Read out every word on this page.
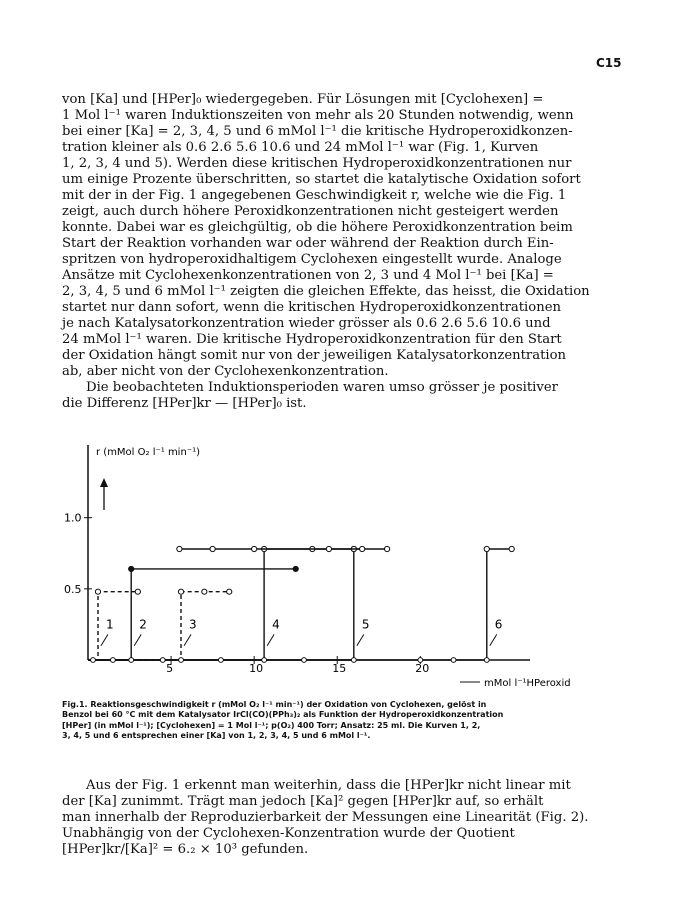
C15
von [Ka] und [HPer]₀ wiedergegeben. Für Lösungen mit [Cyclohexen] =
1 Mol l⁻¹ waren Induktionszeiten von mehr als 20 Stunden notwendig, wenn
bei einer [Ka] = 2, 3, 4, 5 und 6 mMol l⁻¹ die kritische Hydroperoxidkonzen-
tration kleiner als 0.6 2.6 5.6 10.6 und 24 mMol l⁻¹ war (Fig. 1, Kurven
1, 2, 3, 4 und 5). Werden diese kritischen Hydroperoxidkonzentrationen nur
um einige Prozente überschritten, so startet die katalytische Oxidation sofort
mit der in der Fig. 1 angegebenen Geschwindigkeit r, welche wie die Fig. 1
zeigt, auch durch höhere Peroxidkonzentrationen nicht gesteigert werden
konnte. Dabei war es gleichgültig, ob die höhere Peroxidkonzentration beim
Start der Reaktion vorhanden war oder während der Reaktion durch Ein-
spritzen von hydroperoxidhaltigem Cyclohexen eingestellt wurde. Analoge
Ansätze mit Cyclohexenkonzentrationen von 2, 3 und 4 Mol l⁻¹ bei [Ka] =
2, 3, 4, 5 und 6 mMol l⁻¹ zeigten die gleichen Effekte, das heisst, die Oxidation
startet nur dann sofort, wenn die kritischen Hydroperoxidkonzentrationen
je nach Katalysatorkonzentration wieder grösser als 0.6 2.6 5.6 10.6 und
24 mMol l⁻¹ waren. Die kritische Hydroperoxidkonzentration für den Start
der Oxidation hängt somit nur von der jeweiligen Katalysatorkonzentration
ab, aber nicht von der Cyclohexenkonzentration.
Die beobachteten Induktionsperioden waren umso grösser je positiver
die Differenz [HPer]kr — [HPer]₀ ist.
r (mMol O₂ l⁻¹ min⁻¹)
0.5
1.0
5	10	15	20
mMol l⁻¹HPeroxid
1 2	3	4	5	6
Fig.1. Reaktionsgeschwindigkeit r (mMol O₂ l⁻¹ min⁻¹) der Oxidation von Cyclohexen, gelöst in
Benzol bei 60 °C mit dem Katalysator IrCl(CO)(PPh₃)₂ als Funktion der Hydroperoxidkonzentration
[HPer] (in mMol l⁻¹); [Cyclohexen] = 1 Mol l⁻¹; p(O₂) 400 Torr; Ansatz: 25 ml. Die Kurven 1, 2,
3, 4, 5 und 6 entsprechen einer [Ka] von 1, 2, 3, 4, 5 und 6 mMol l⁻¹.
Aus der Fig. 1 erkennt man weiterhin, dass die [HPer]kr nicht linear mit
der [Ka] zunimmt. Trägt man jedoch [Ka]² gegen [HPer]kr auf, so erhält
man innerhalb der Reproduzierbarkeit der Messungen eine Linearität (Fig. 2).
Unabhängig von der Cyclohexen-Konzentration wurde der Quotient
[HPer]kr/[Ka]² = 6.₂ × 10³ gefunden.
